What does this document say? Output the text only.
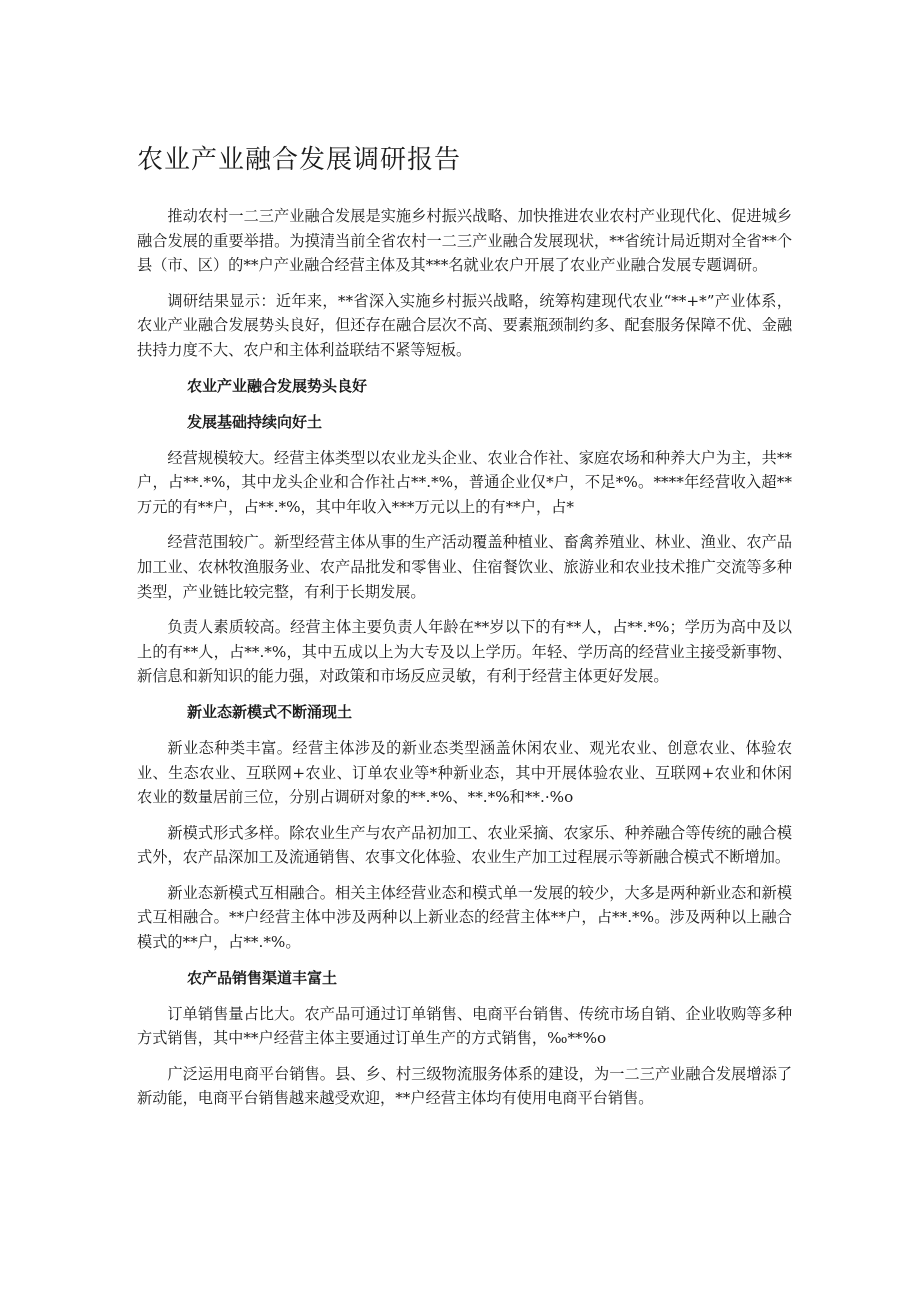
农业产业融合发展调研报告

推动农村一二三产业融合发展是实施乡村振兴战略、加快推进农业农村产业现代化、促进城乡融合发展的重要举措。为摸清当前全省农村一二三产业融合发展现状，**省统计局近期对全省**个县（市、区）的**户产业融合经营主体及其***名就业农户开展了农业产业融合发展专题调研。

调研结果显示：近年来，**省深入实施乡村振兴战略，统筹构建现代农业“**+*”产业体系，农业产业融合发展势头良好，但还存在融合层次不高、要素瓶颈制约多、配套服务保障不优、金融扶持力度不大、农户和主体利益联结不紧等短板。

农业产业融合发展势头良好

发展基础持续向好土

经营规模较大。经营主体类型以农业龙头企业、农业合作社、家庭农场和种养大户为主，共**户，占**.*%，其中龙头企业和合作社占**.*%，普通企业仅*户，不足*%。****年经营收入超**万元的有**户，占**.*%，其中年收入***万元以上的有**户，占*

经营范围较广。新型经营主体从事的生产活动覆盖种植业、畜禽养殖业、林业、渔业、农产品加工业、农林牧渔服务业、农产品批发和零售业、住宿餐饮业、旅游业和农业技术推广交流等多种类型，产业链比较完整，有利于长期发展。

负责人素质较高。经营主体主要负责人年龄在**岁以下的有**人，占**.*%；学历为高中及以上的有**人，占**.*%，其中五成以上为大专及以上学历。年轻、学历高的经营业主接受新事物、新信息和新知识的能力强，对政策和市场反应灵敏，有利于经营主体更好发展。

新业态新模式不断涌现土

新业态种类丰富。经营主体涉及的新业态类型涵盖休闲农业、观光农业、创意农业、体验农业、生态农业、互联网+农业、订单农业等*种新业态，其中开展体验农业、互联网+农业和休闲农业的数量居前三位，分别占调研对象的**.*%、**.*%和**.·%o

新模式形式多样。除农业生产与农产品初加工、农业采摘、农家乐、种养融合等传统的融合模式外，农产品深加工及流通销售、农事文化体验、农业生产加工过程展示等新融合模式不断增加。

新业态新模式互相融合。相关主体经营业态和模式单一发展的较少，大多是两种新业态和新模式互相融合。**户经营主体中涉及两种以上新业态的经营主体**户，占**.*%。涉及两种以上融合模式的**户，占**.*%。

农产品销售渠道丰富土

订单销售量占比大。农产品可通过订单销售、电商平台销售、传统市场自销、企业收购等多种方式销售，其中**户经营主体主要通过订单生产的方式销售，‰**%o

广泛运用电商平台销售。县、乡、村三级物流服务体系的建设，为一二三产业融合发展增添了新动能，电商平台销售越来越受欢迎，**户经营主体均有使用电商平台销售。
